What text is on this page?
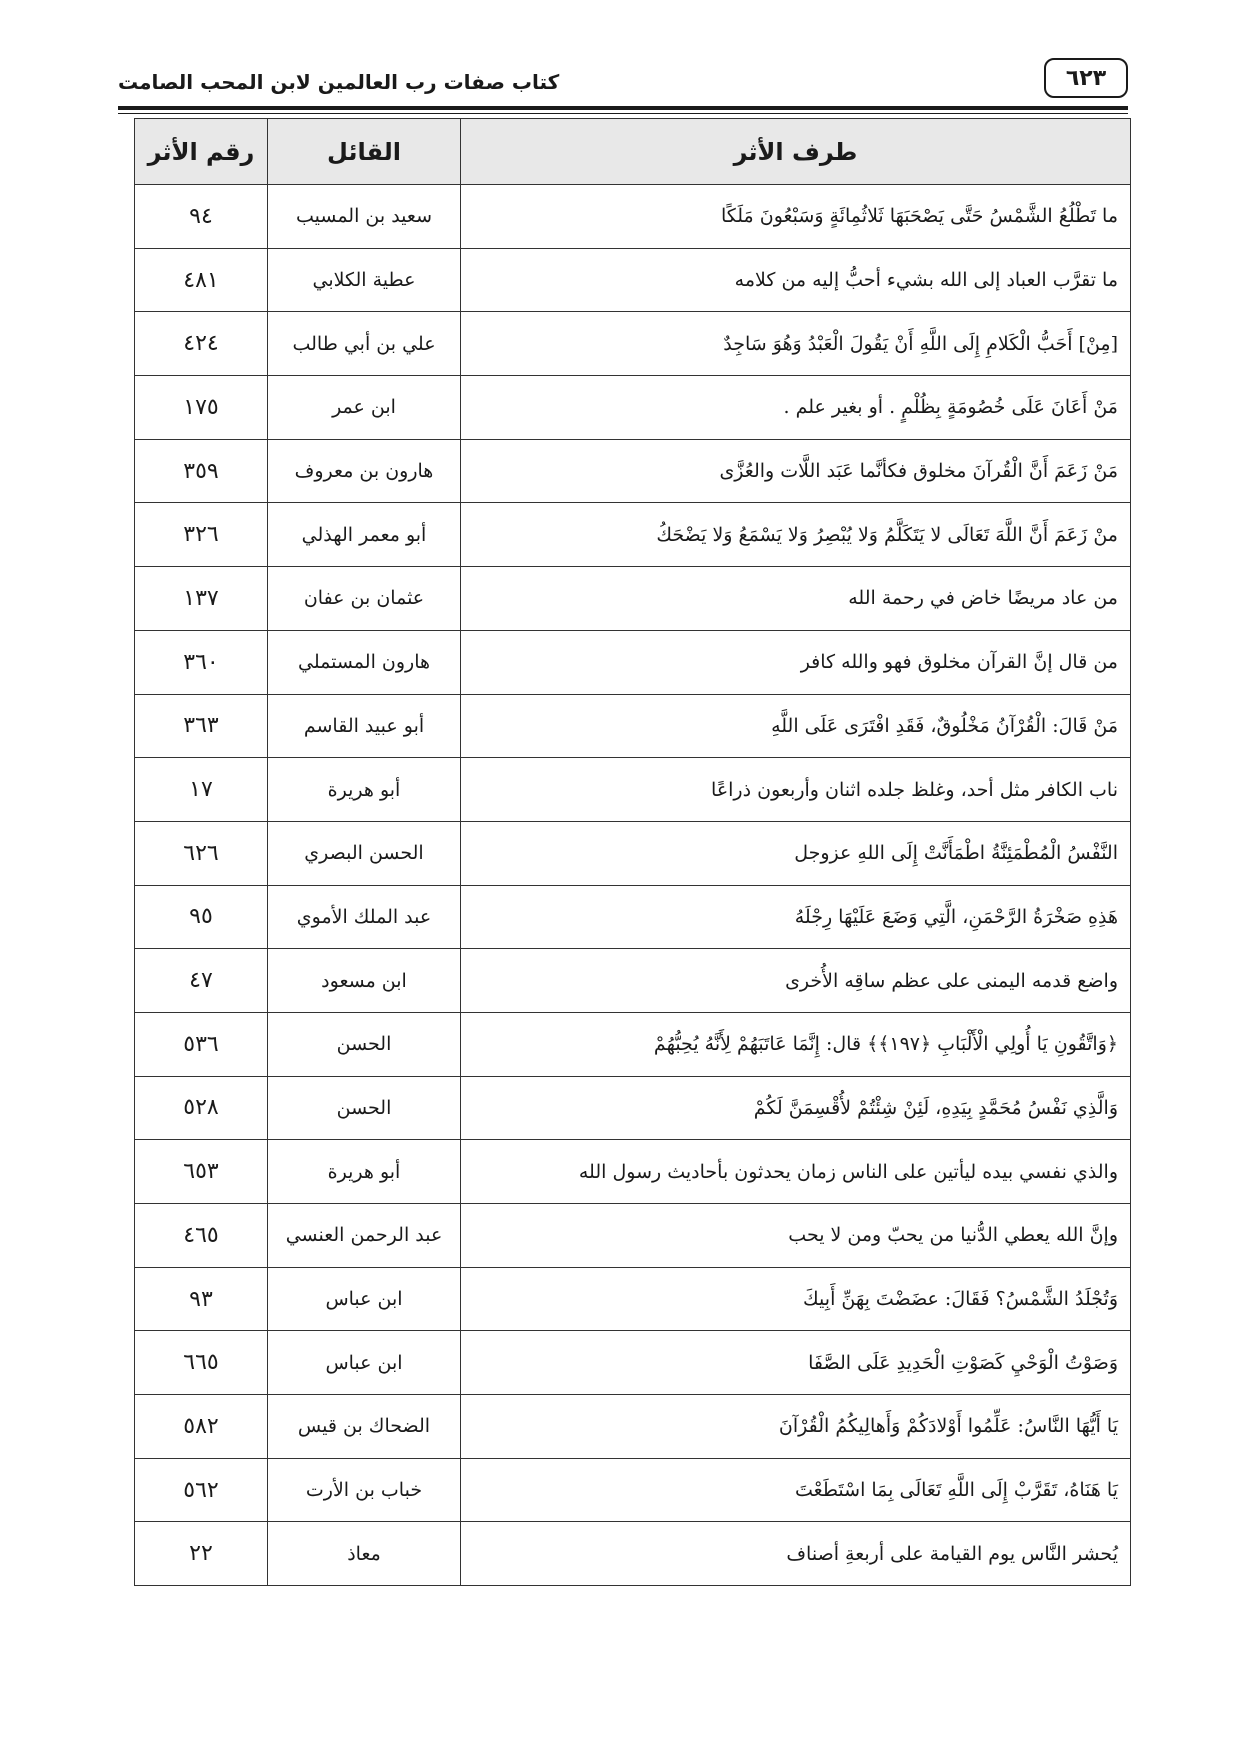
كتاب صفات رب العالمين لابن المحب الصامت	٦٢٣
طرف الأثر	القائل	رقم الأثر
ما تَطْلُعُ الشَّمْسُ حَتَّى يَصْحَبَهَا ثَلاثُمِائَةٍ وَسَبْعُونَ مَلَكًا	سعيد بن المسيب	٩٤
ما تقرَّب العباد إلى الله بشيء أحبُّ إليه من كلامه	عطية الكلابي	٤٨١
[مِنْ] أَحَبُّ الْكَلامِ إِلَى اللَّهِ أَنْ يَقُولَ الْعَبْدُ وَهُوَ سَاجِدٌ	علي بن أبي طالب	٤٢٤
مَنْ أَعَانَ عَلَى خُصُومَةٍ بِظُلْمٍ . أو بغير علم .	ابن عمر	١٧٥
مَنْ زَعَمَ أَنَّ الْقُرآنَ مخلوق فكأنَّما عَبَد اللَّات والعُزَّى	هارون بن معروف	٣٥٩
منْ زَعَمَ أَنَّ اللَّهَ تَعَالَى لا يَتَكَلَّمُ وَلا يُبْصِرُ وَلا يَسْمَعُ وَلا يَضْحَكُ	أبو معمر الهذلي	٣٢٦
من عاد مريضًا خاض في رحمة الله	عثمان بن عفان	١٣٧
من قال إنَّ القرآن مخلوق فهو والله كافر	هارون المستملي	٣٦٠
مَنْ قَالَ: الْقُرْآنُ مَخْلُوقٌ، فَقَدِ افْتَرَى عَلَى اللَّهِ	أبو عبيد القاسم	٣٦٣
ناب الكافر مثل أحد، وغلظ جلده اثنان وأربعون ذراعًا	أبو هريرة	١٧
النَّفْسُ الْمُطْمَئِنَّةُ اطْمَأَنَّتْ إِلَى اللهِ عزوجل	الحسن البصري	٦٢٦
هَذِهِ صَخْرَةُ الرَّحْمَنِ، الَّتِي وَضَعَ عَلَيْهَا رِجْلَهُ	عبد الملك الأموي	٩٥
واضع قدمه اليمنى على عظم ساقِه الأُخرى	ابن مسعود	٤٧
﴿وَاتَّقُونِ يَا أُولِي الْأَلْبَابِ ﴿١٩٧﴾﴾ قال: إِنَّمَا عَاتَبَهُمْ لِأَنَّهُ يُحِبُّهُمْ	الحسن	٥٣٦
وَالَّذِي نَفْسُ مُحَمَّدٍ بِيَدِهِ، لَئِنْ شِئْتُمْ لأُقْسِمَنَّ لَكُمْ	الحسن	٥٢٨
والذي نفسي بيده ليأتين على الناس زمان يحدثون بأحاديث رسول الله	أبو هريرة	٦٥٣
وإنَّ الله يعطي الدُّنيا من يحبّ ومن لا يحب	عبد الرحمن العنسي	٤٦٥
وَتُجْلَدُ الشَّمْسُ؟ فَقَالَ: عضَضْتَ بِهَنِّ أَبِيكَ	ابن عباس	٩٣
وَصَوْتُ الْوَحْيِ كَصَوْتِ الْحَدِيدِ عَلَى الصَّفَا	ابن عباس	٦٦٥
يَا أَيُّهَا النَّاسُ: عَلِّمُوا أَوْلادَكُمْ وَأَهالِيكُمُ الْقُرْآنَ	الضحاك بن قيس	٥٨٢
يَا هَنَاهُ، تَقَرَّبْ إِلَى اللَّهِ تَعَالَى بِمَا اسْتَطَعْتَ	خباب بن الأرت	٥٦٢
يُحشر النَّاس يوم القيامة على أربعةِ أصناف	معاذ	٢٢
